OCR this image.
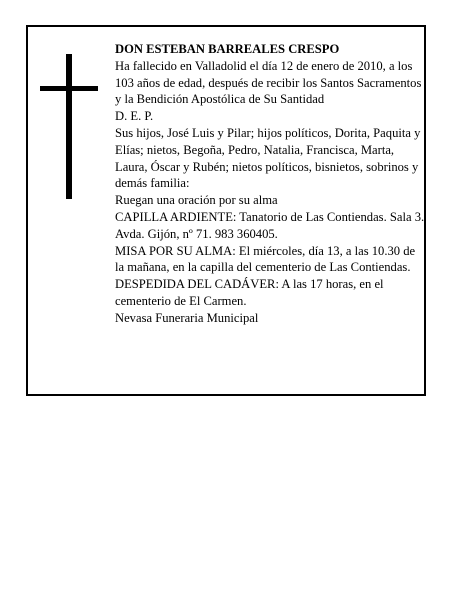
DON ESTEBAN BARREALES CRESPO

Ha fallecido en Valladolid el día 12 de enero de 2010, a los 103 años de edad, después de recibir los Santos Sacramentos y la Bendición Apostólica de Su Santidad

D. E. P.

Sus hijos, José Luis y Pilar; hijos políticos, Dorita, Paquita y Elías; nietos, Begoña, Pedro, Natalia, Francisca, Marta, Laura, Óscar y Rubén; nietos políticos, bisnietos, sobrinos y demás familia:

Ruegan una oración por su alma

CAPILLA ARDIENTE: Tanatorio de Las Contiendas. Sala 3. Avda. Gijón, nº 71. 983 360405.

MISA POR SU ALMA: El miércoles, día 13, a las 10.30 de la mañana, en la capilla del cementerio de Las Contiendas.

DESPEDIDA DEL CADÁVER: A las 17 horas, en el cementerio de El Carmen.

Nevasa Funeraria Municipal
